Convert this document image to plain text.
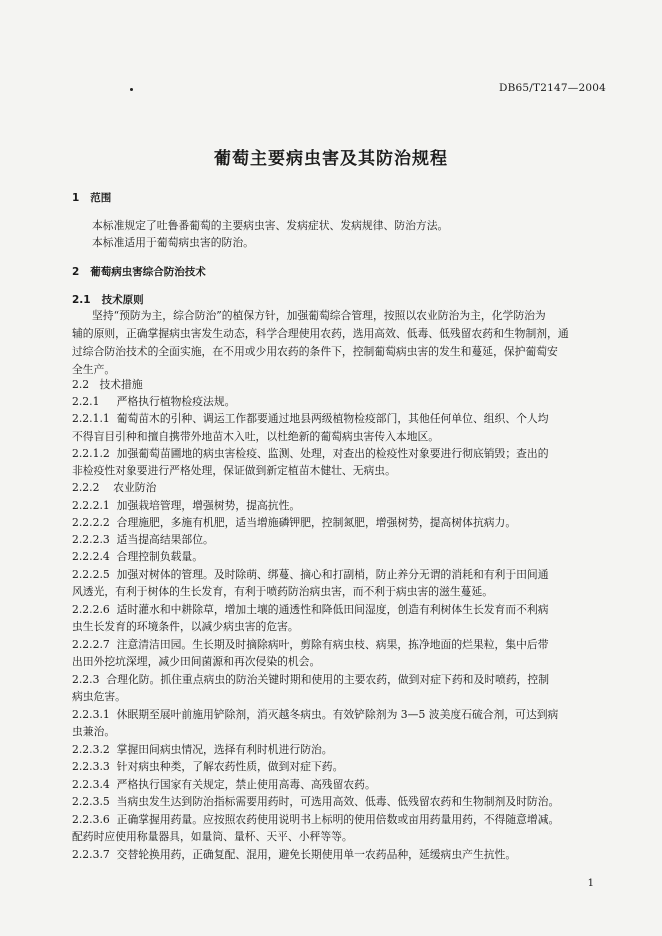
DB65/T2147—2004
葡萄主要病虫害及其防治规程
1 范围
本标准规定了吐鲁番葡萄的主要病虫害、发病症状、发病规律、防治方法。
本标准适用于葡萄病虫害的防治。
2 葡萄病虫害综合防治技术
2.1 技术原则
坚持“预防为主，综合防治”的植保方针，加强葡萄综合管理，按照以农业防治为主，化学防治为
辅的原则，正确掌握病虫害发生动态，科学合理使用农药，选用高效、低毒、低残留农药和生物制剂，通
过综合防治技术的全面实施，在不用或少用农药的条件下，控制葡萄病虫害的发生和蔓延，保护葡萄安
全生产。
2.2 技术措施
2.2.1 严格执行植物检疫法规。
2.2.1.1 葡萄苗木的引种、调运工作都要通过地县两级植物检疫部门，其他任何单位、组织、个人均
不得盲目引种和擅自携带外地苗木入吐，以杜绝新的葡萄病虫害传入本地区。
2.2.1.2 加强葡萄苗圃地的病虫害检疫、监测、处理，对查出的检疫性对象要进行彻底销毁；查出的
非检疫性对象要进行严格处理，保证做到新定植苗木健壮、无病虫。
2.2.2 农业防治
2.2.2.1 加强栽培管理，增强树势，提高抗性。
2.2.2.2 合理施肥，多施有机肥，适当增施磷钾肥，控制氮肥，增强树势，提高树体抗病力。
2.2.2.3 适当提高结果部位。
2.2.2.4 合理控制负载量。
2.2.2.5 加强对树体的管理。及时除萌、绑蔓、摘心和打副梢，防止养分无谓的消耗和有利于田间通
风透光，有利于树体的生长发育，有利于喷药防治病虫害，而不利于病虫害的滋生蔓延。
2.2.2.6 适时灌水和中耕除草，增加土壤的通透性和降低田间湿度，创造有利树体生长发育而不利病
虫生长发育的环境条件，以减少病虫害的危害。
2.2.2.7 注意清洁田园。生长期及时摘除病叶，剪除有病虫枝、病果，拣净地面的烂果粒，集中后带
出田外挖坑深埋，减少田间菌源和再次侵染的机会。
2.2.3 合理化防。抓住重点病虫的防治关键时期和使用的主要农药，做到对症下药和及时喷药，控制
病虫危害。
2.2.3.1 休眠期至展叶前施用铲除剂，消灭越冬病虫。有效铲除剂为 3—5 波美度石硫合剂，可达到病
虫兼治。
2.2.3.2 掌握田间病虫情况，选择有利时机进行防治。
2.2.3.3 针对病虫种类，了解农药性质，做到对症下药。
2.2.3.4 严格执行国家有关规定，禁止使用高毒、高残留农药。
2.2.3.5 当病虫发生达到防治指标需要用药时，可选用高效、低毒、低残留农药和生物制剂及时防治。
2.2.3.6 正确掌握用药量。应按照农药使用说明书上标明的使用倍数或亩用药量用药，不得随意增减。
配药时应使用称量器具，如量筒、量杯、天平、小秤等等。
2.2.3.7 交替轮换用药，正确复配、混用，避免长期使用单一农药品种，延缓病虫产生抗性。
1
